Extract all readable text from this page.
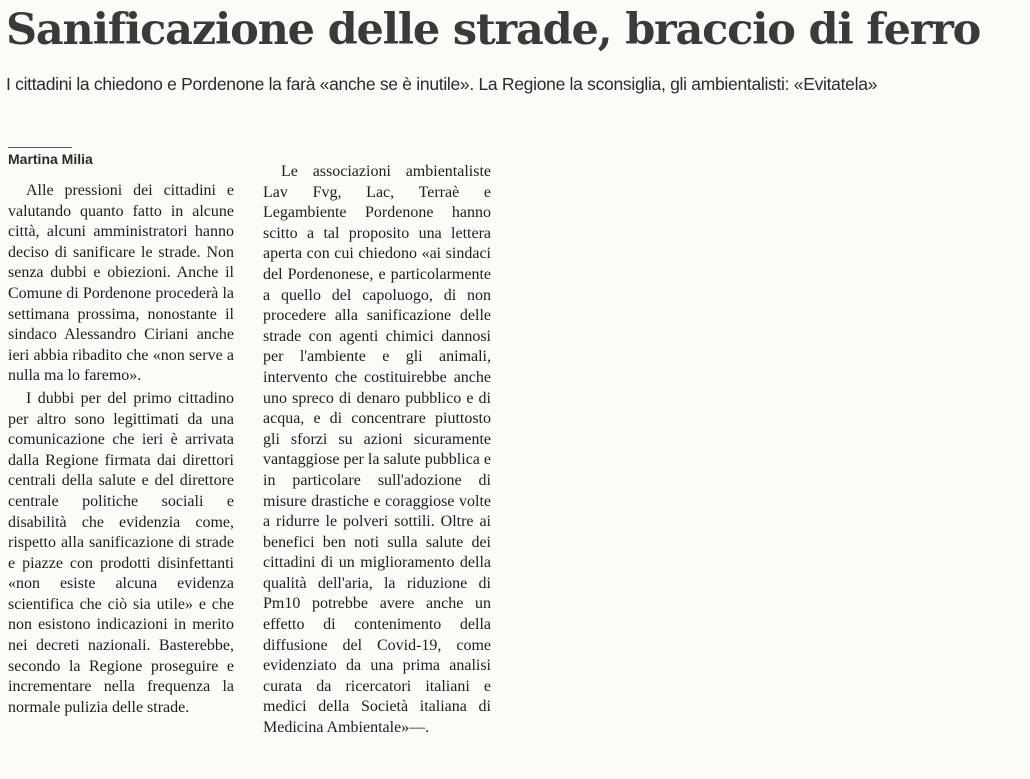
Sanificazione delle strade, braccio di ferro

I cittadini la chiedono e Pordenone la farà «anche se è inutile». La Regione la sconsiglia, gli ambientalisti: «Evitatela»

Martina Milia

Alle pressioni dei cittadini e valutando quanto fatto in alcune città, alcuni amministratori hanno deciso di sanificare le strade. Non senza dubbi e obiezioni. Anche il Comune di Pordenone procederà la settimana prossima, nonostante il sindaco Alessandro Ciriani anche ieri abbia ribadito che «non serve a nulla ma lo faremo».

I dubbi per del primo cittadino per altro sono legittimati da una comunicazione che ieri è arrivata dalla Regione firmata dai direttori centrali della salute e del direttore centrale politiche sociali e disabilità che evidenzia come, rispetto alla sanificazione di strade e piazze con prodotti disinfettanti «non esiste alcuna evidenza scientifica che ciò sia utile» e che non esistono indicazioni in merito nei decreti nazionali. Basterebbe, secondo la Regione proseguire e incrementare nella frequenza la normale pulizia delle strade.

Le associazioni ambientaliste Lav Fvg, Lac, Terraè e Legambiente Pordenone hanno scitto a tal proposito una lettera aperta con cui chiedono «ai sindaci del Pordenonese, e particolarmente a quello del capoluogo, di non procedere alla sanificazione delle strade con agenti chimici dannosi per l'ambiente e gli animali, intervento che costituirebbe anche uno spreco di denaro pubblico e di acqua, e di concentrare piuttosto gli sforzi su azioni sicuramente vantaggiose per la salute pubblica e in particolare sull'adozione di misure drastiche e coraggiose volte a ridurre le polveri sottili. Oltre ai benefici ben noti sulla salute dei cittadini di un miglioramento della qualità dell'aria, la riduzione di Pm10 potrebbe avere anche un effetto di contenimento della diffusione del Covid-19, come evidenziato da una prima analisi curata da ricercatori italiani e medici della Società italiana di Medicina Ambientale»—.
